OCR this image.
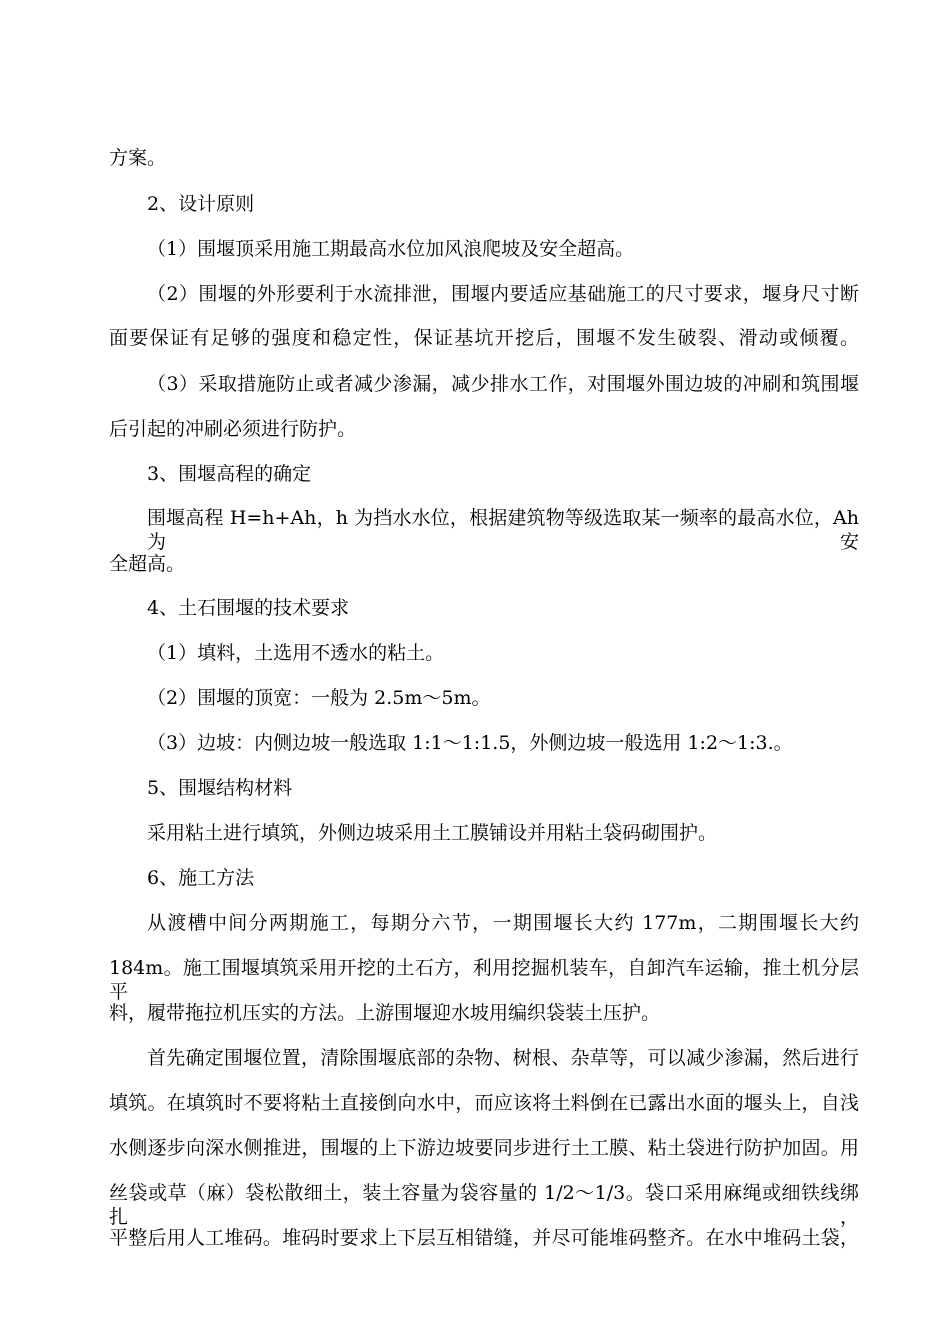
方案。
2、设计原则
（1）围堰顶采用施工期最高水位加风浪爬坡及安全超高。
（2）围堰的外形要利于水流排泄，围堰内要适应基础施工的尺寸要求，堰身尺寸断
面要保证有足够的强度和稳定性，保证基坑开挖后，围堰不发生破裂、滑动或倾覆。
（3）采取措施防止或者减少渗漏，减少排水工作，对围堰外围边坡的冲刷和筑围堰
后引起的冲刷必须进行防护。
3、围堰高程的确定
围堰高程 H=h+Ah，h 为挡水水位，根据建筑物等级选取某一频率的最高水位，Ah 为安
全超高。
4、土石围堰的技术要求
（1）填料，土选用不透水的粘土。
（2）围堰的顶宽：一般为 2.5m～5m。
（3）边坡：内侧边坡一般选取 1:1～1:1.5，外侧边坡一般选用 1:2～1:3.。
5、围堰结构材料
采用粘土进行填筑，外侧边坡采用土工膜铺设并用粘土袋码砌围护。
6、施工方法
从渡槽中间分两期施工，每期分六节，一期围堰长大约 177m，二期围堰长大约
184m。施工围堰填筑采用开挖的土石方，利用挖掘机装车，自卸汽车运输，推土机分层平
料，履带拖拉机压实的方法。上游围堰迎水坡用编织袋装土压护。
首先确定围堰位置，清除围堰底部的杂物、树根、杂草等，可以减少渗漏，然后进行
填筑。在填筑时不要将粘土直接倒向水中，而应该将土料倒在已露出水面的堰头上，自浅
水侧逐步向深水侧推进，围堰的上下游边坡要同步进行土工膜、粘土袋进行防护加固。用
丝袋或草（麻）袋松散细土，装土容量为袋容量的 1/2～1/3。袋口采用麻绳或细铁线绑扎，
平整后用人工堆码。堆码时要求上下层互相错缝，并尽可能堆码整齐。在水中堆码土袋，
